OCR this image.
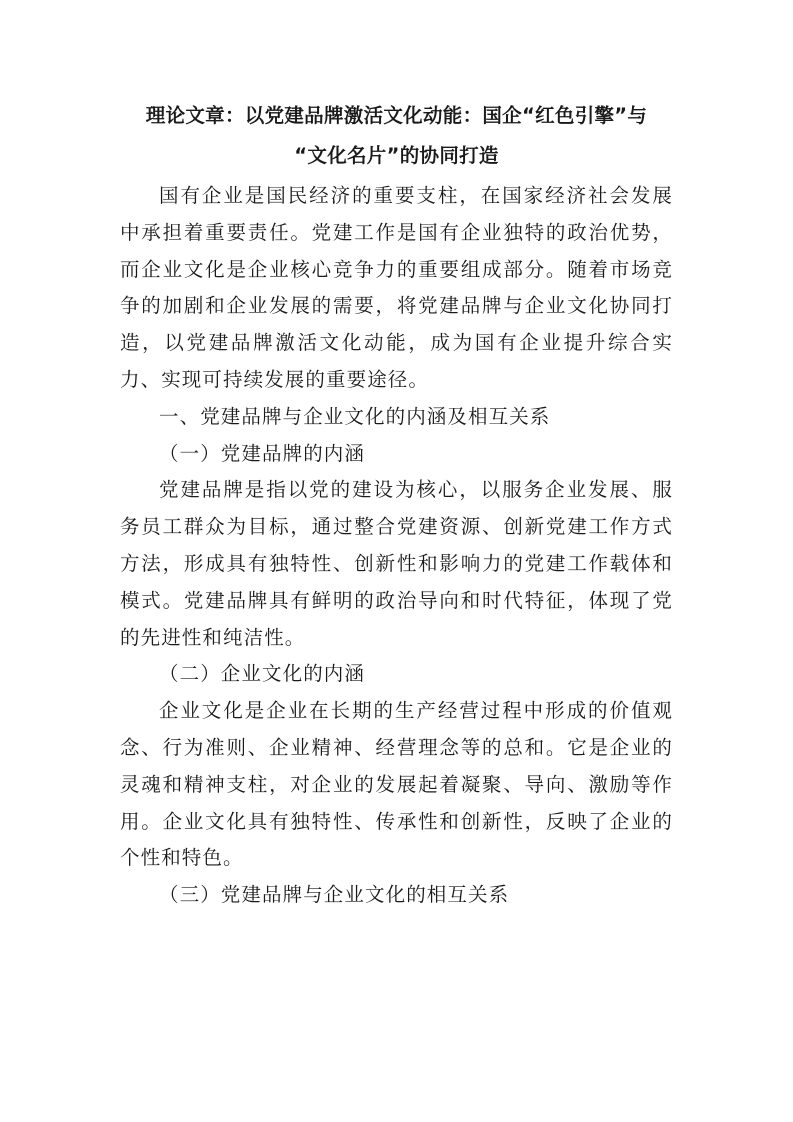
理论文章：以党建品牌激活文化动能：国企“红色引擎”与
“文化名片”的协同打造

国有企业是国民经济的重要支柱，在国家经济社会发展中承担着重要责任。党建工作是国有企业独特的政治优势，而企业文化是企业核心竞争力的重要组成部分。随着市场竞争的加剧和企业发展的需要，将党建品牌与企业文化协同打造，以党建品牌激活文化动能，成为国有企业提升综合实力、实现可持续发展的重要途径。

一、党建品牌与企业文化的内涵及相互关系

（一）党建品牌的内涵

党建品牌是指以党的建设为核心，以服务企业发展、服务员工群众为目标，通过整合党建资源、创新党建工作方式方法，形成具有独特性、创新性和影响力的党建工作载体和模式。党建品牌具有鲜明的政治导向和时代特征，体现了党的先进性和纯洁性。

（二）企业文化的内涵

企业文化是企业在长期的生产经营过程中形成的价值观念、行为准则、企业精神、经营理念等的总和。它是企业的灵魂和精神支柱，对企业的发展起着凝聚、导向、激励等作用。企业文化具有独特性、传承性和创新性，反映了企业的个性和特色。

（三）党建品牌与企业文化的相互关系
